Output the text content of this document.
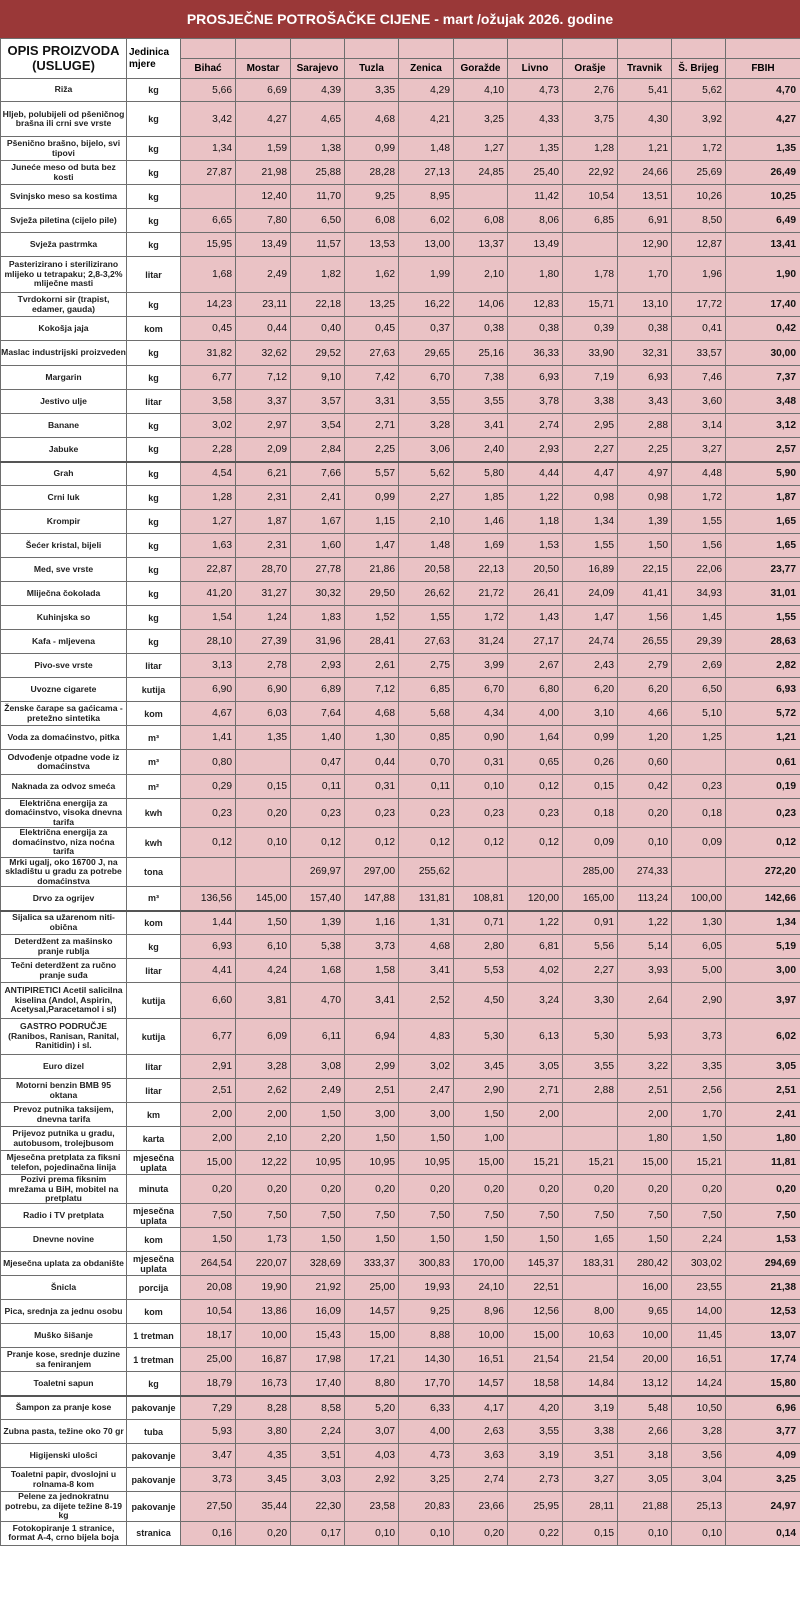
PROSJEČNE POTROŠAČKE CIJENE - mart /ožujak 2026. godine
OPIS PROIZVODA (USLUGE)	Jedinica mjere											
		Bihać	Mostar	Sarajevo	Tuzla	Zenica	Goražde	Livno	Orašje	Travnik	Š. Brijeg	FBIH
Riža	kg	5,66	6,69	4,39	3,35	4,29	4,10	4,73	2,76	5,41	5,62	4,70
Hljeb, polubijeli od pšeničnog brašna ili crni sve vrste	kg	3,42	4,27	4,65	4,68	4,21	3,25	4,33	3,75	4,30	3,92	4,27
Pšenično brašno, bijelo, svi tipovi	kg	1,34	1,59	1,38	0,99	1,48	1,27	1,35	1,28	1,21	1,72	1,35
Juneće meso od buta bez kosti	kg	27,87	21,98	25,88	28,28	27,13	24,85	25,40	22,92	24,66	25,69	26,49
Svinjsko meso sa kostima	kg		12,40	11,70	9,25	8,95		11,42	10,54	13,51	10,26	10,25
Svježa piletina (cijelo pile)	kg	6,65	7,80	6,50	6,08	6,02	6,08	8,06	6,85	6,91	8,50	6,49
Svježa pastrmka	kg	15,95	13,49	11,57	13,53	13,00	13,37	13,49		12,90	12,87	13,41
Pasterizirano i sterilizirano mlijeko u tetrapaku; 2,8-3,2% mliječne masti	litar	1,68	2,49	1,82	1,62	1,99	2,10	1,80	1,78	1,70	1,96	1,90
Tvrdokorni sir (trapist, edamer, gauda)	kg	14,23	23,11	22,18	13,25	16,22	14,06	12,83	15,71	13,10	17,72	17,40
Kokošja jaja	kom	0,45	0,44	0,40	0,45	0,37	0,38	0,38	0,39	0,38	0,41	0,42
Maslac industrijski proizveden	kg	31,82	32,62	29,52	27,63	29,65	25,16	36,33	33,90	32,31	33,57	30,00
Margarin	kg	6,77	7,12	9,10	7,42	6,70	7,38	6,93	7,19	6,93	7,46	7,37
Jestivo ulje	litar	3,58	3,37	3,57	3,31	3,55	3,55	3,78	3,38	3,43	3,60	3,48
Banane	kg	3,02	2,97	3,54	2,71	3,28	3,41	2,74	2,95	2,88	3,14	3,12
Jabuke	kg	2,28	2,09	2,84	2,25	3,06	2,40	2,93	2,27	2,25	3,27	2,57
Grah	kg	4,54	6,21	7,66	5,57	5,62	5,80	4,44	4,47	4,97	4,48	5,90
Crni luk	kg	1,28	2,31	2,41	0,99	2,27	1,85	1,22	0,98	0,98	1,72	1,87
Krompir	kg	1,27	1,87	1,67	1,15	2,10	1,46	1,18	1,34	1,39	1,55	1,65
Šećer kristal, bijeli	kg	1,63	2,31	1,60	1,47	1,48	1,69	1,53	1,55	1,50	1,56	1,65
Med, sve vrste	kg	22,87	28,70	27,78	21,86	20,58	22,13	20,50	16,89	22,15	22,06	23,77
Mliječna čokolada	kg	41,20	31,27	30,32	29,50	26,62	21,72	26,41	24,09	41,41	34,93	31,01
Kuhinjska so	kg	1,54	1,24	1,83	1,52	1,55	1,72	1,43	1,47	1,56	1,45	1,55
Kafa - mljevena	kg	28,10	27,39	31,96	28,41	27,63	31,24	27,17	24,74	26,55	29,39	28,63
Pivo-sve vrste	litar	3,13	2,78	2,93	2,61	2,75	3,99	2,67	2,43	2,79	2,69	2,82
Uvozne cigarete	kutija	6,90	6,90	6,89	7,12	6,85	6,70	6,80	6,20	6,20	6,50	6,93
Ženske čarape sa gaćicama - pretežno sintetika	kom	4,67	6,03	7,64	4,68	5,68	4,34	4,00	3,10	4,66	5,10	5,72
Voda za domaćinstvo, pitka	m³	1,41	1,35	1,40	1,30	0,85	0,90	1,64	0,99	1,20	1,25	1,21
Odvođenje otpadne vode iz domaćinstva	m³	0,80		0,47	0,44	0,70	0,31	0,65	0,26	0,60		0,61
Naknada za odvoz smeća	m²	0,29	0,15	0,11	0,31	0,11	0,10	0,12	0,15	0,42	0,23	0,19
Električna energija za domaćinstvo, visoka dnevna tarifa	kwh	0,23	0,20	0,23	0,23	0,23	0,23	0,23	0,18	0,20	0,18	0,23
Električna energija za domaćinstvo, niza noćna tarifa	kwh	0,12	0,10	0,12	0,12	0,12	0,12	0,12	0,09	0,10	0,09	0,12
Mrki ugalj, oko 16700 J, na skladištu u gradu za potrebe domaćinstva	tona			269,97	297,00	255,62			285,00	274,33		272,20
Drvo za ogrijev	m³	136,56	145,00	157,40	147,88	131,81	108,81	120,00	165,00	113,24	100,00	142,66
Sijalica sa užarenom niti-obična	kom	1,44	1,50	1,39	1,16	1,31	0,71	1,22	0,91	1,22	1,30	1,34
Deterdžent za mašinsko pranje rublja	kg	6,93	6,10	5,38	3,73	4,68	2,80	6,81	5,56	5,14	6,05	5,19
Tečni deterdžent za ručno pranje suđa	litar	4,41	4,24	1,68	1,58	3,41	5,53	4,02	2,27	3,93	5,00	3,00
ANTIPIRETICI Acetil salicilna kiselina (Andol, Aspirin, Acetysal,Paracetamol i sl)	kutija	6,60	3,81	4,70	3,41	2,52	4,50	3,24	3,30	2,64	2,90	3,97
GASTRO PODRUČJE (Ranibos, Ranisan, Ranital, Ranitidin) i sl.	kutija	6,77	6,09	6,11	6,94	4,83	5,30	6,13	5,30	5,93	3,73	6,02
Euro dizel	litar	2,91	3,28	3,08	2,99	3,02	3,45	3,05	3,55	3,22	3,35	3,05
Motorni benzin BMB 95 oktana	litar	2,51	2,62	2,49	2,51	2,47	2,90	2,71	2,88	2,51	2,56	2,51
Prevoz putnika taksijem, dnevna tarifa	km	2,00	2,00	1,50	3,00	3,00	1,50	2,00		2,00	1,70	2,41
Prijevoz putnika u gradu, autobusom, trolejbusom	karta	2,00	2,10	2,20	1,50	1,50	1,00			1,80	1,50	1,80
Mjesečna pretplata za fiksni telefon, pojedinačna linija	mjesečna uplata	15,00	12,22	10,95	10,95	10,95	15,00	15,21	15,21	15,00	15,21	11,81
Pozivi prema fiksnim mrežama u BiH, mobitel na pretplatu	minuta	0,20	0,20	0,20	0,20	0,20	0,20	0,20	0,20	0,20	0,20	0,20
Radio i TV pretplata	mjesečna uplata	7,50	7,50	7,50	7,50	7,50	7,50	7,50	7,50	7,50	7,50	7,50
Dnevne novine	kom	1,50	1,73	1,50	1,50	1,50	1,50	1,50	1,65	1,50	2,24	1,53
Mjesečna uplata za obdanište	mjesečna uplata	264,54	220,07	328,69	333,37	300,83	170,00	145,37	183,31	280,42	303,02	294,69
Šnicla	porcija	20,08	19,90	21,92	25,00	19,93	24,10	22,51		16,00	23,55	21,38
Pica, srednja za jednu osobu	kom	10,54	13,86	16,09	14,57	9,25	8,96	12,56	8,00	9,65	14,00	12,53
Muško šišanje	1 tretman	18,17	10,00	15,43	15,00	8,88	10,00	15,00	10,63	10,00	11,45	13,07
Pranje kose, srednje duzine sa feniranjem	1 tretman	25,00	16,87	17,98	17,21	14,30	16,51	21,54	21,54	20,00	16,51	17,74
Toaletni sapun	kg	18,79	16,73	17,40	8,80	17,70	14,57	18,58	14,84	13,12	14,24	15,80
Šampon za pranje kose	pakovanje	7,29	8,28	8,58	5,20	6,33	4,17	4,20	3,19	5,48	10,50	6,96
Zubna pasta, težine oko 70 gr	tuba	5,93	3,80	2,24	3,07	4,00	2,63	3,55	3,38	2,66	3,28	3,77
Higijenski ulošci	pakovanje	3,47	4,35	3,51	4,03	4,73	3,63	3,19	3,51	3,18	3,56	4,09
Toaletni papir, dvoslojni u rolnama-8 kom	pakovanje	3,73	3,45	3,03	2,92	3,25	2,74	2,73	3,27	3,05	3,04	3,25
Pelene za jednokratnu potrebu, za dijete težine 8-19 kg	pakovanje	27,50	35,44	22,30	23,58	20,83	23,66	25,95	28,11	21,88	25,13	24,97
Fotokopiranje 1 stranice, format A-4, crno bijela boja	stranica	0,16	0,20	0,17	0,10	0,10	0,20	0,22	0,15	0,10	0,10	0,14
